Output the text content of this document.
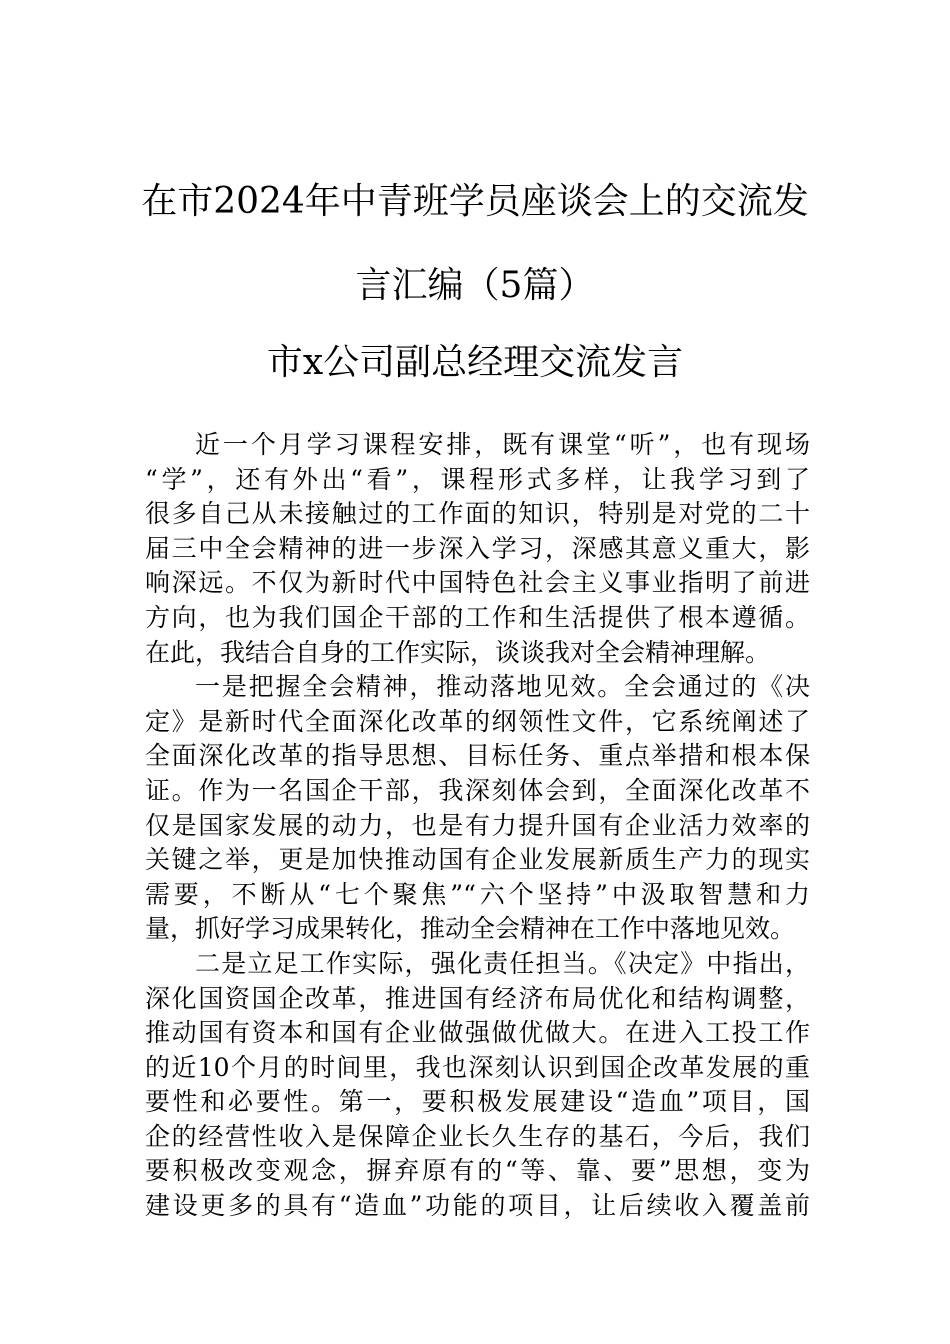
在市2024年中青班学员座谈会上的交流发
言汇编（5篇）
市x公司副总经理交流发言
近一个月学习课程安排，既有课堂“听”，也有现场
“学”，还有外出“看”，课程形式多样，让我学习到了
很多自己从未接触过的工作面的知识，特别是对党的二十
届三中全会精神的进一步深入学习，深感其意义重大，影
响深远。不仅为新时代中国特色社会主义事业指明了前进
方向，也为我们国企干部的工作和生活提供了根本遵循。
在此，我结合自身的工作实际，谈谈我对全会精神理解。
一是把握全会精神，推动落地见效。全会通过的《决
定》是新时代全面深化改革的纲领性文件，它系统阐述了
全面深化改革的指导思想、目标任务、重点举措和根本保
证。作为一名国企干部，我深刻体会到，全面深化改革不
仅是国家发展的动力，也是有力提升国有企业活力效率的
关键之举，更是加快推动国有企业发展新质生产力的现实
需要，不断从“七个聚焦”“六个坚持”中汲取智慧和力
量，抓好学习成果转化，推动全会精神在工作中落地见效。
二是立足工作实际，强化责任担当。《决定》中指出，
深化国资国企改革，推进国有经济布局优化和结构调整，
推动国有资本和国有企业做强做优做大。在进入工投工作
的近10个月的时间里，我也深刻认识到国企改革发展的重
要性和必要性。第一，要积极发展建设“造血”项目，国
企的经营性收入是保障企业长久生存的基石，今后，我们
要积极改变观念，摒弃原有的“等、靠、要”思想，变为
建设更多的具有“造血”功能的项目，让后续收入覆盖前
